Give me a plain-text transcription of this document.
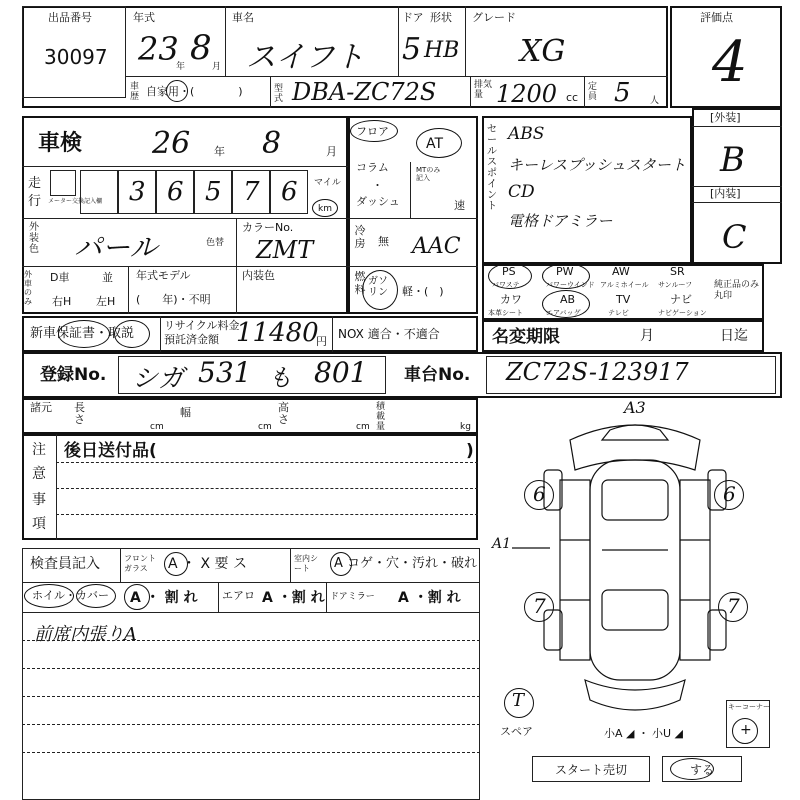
出品番号
30097
年式
23
年 8 月
車名
スイフト
ドア 形状
5 HB
グレード
XG
評価点
4
車歴 自家用・(　　　　)	型式 DBA-ZC72S	排気量 1200 cc
定員 5 人
車検 26 年 8	月
走
行 メーター交換記入欄 3 6 5 7 6 マイル
km
外装色 パール	色替
カラーNo.
ZMT
外車のみ
D車	並
右H 左H
年式モデル
(　　年)・不明
内装色
フロア
AT
コラム
・
ダッシュ
MTのみ記入
速
冷房 無 AAC
燃料
ガソリン	軽・(　)
セールスポイント
ABS
キーレスプッシュスタート
CD
電格ドアミラー
[外装]
B
[内装]
C
PS
パワステ
PW
パワーウインド
AW
アルミホイール
SR
サンルーフ 純正品のみ丸印
カワ
本革シート
AB
エアバッグ
TV
テレビ
ナビ
ナビゲーション
新車保証書・取説
リサイクル料金
預託済金額 11480
円
NOX 適合・不適合	名変期限	月	日迄
登録No. シガ 531 も 801 車台No. ZC72S-123917
諸元 長さ
cm
幅
cm
高さ
cm
積載量	kg
注
意
事
項
後日送付品(	)
検査員記入	フロントガラス	A ・ X 要 ス	室内シート	A コゲ・穴・汚れ・破れ
ホイル・カバー A ・ 割 れ エアロ A ・割 れ ドアミラー A ・割 れ
前席内張りA
A3
A1
6	6
7	7
T
スペア	小A ◢ ・ 小U ◢
キーコーナー
+
スタート売切	する
